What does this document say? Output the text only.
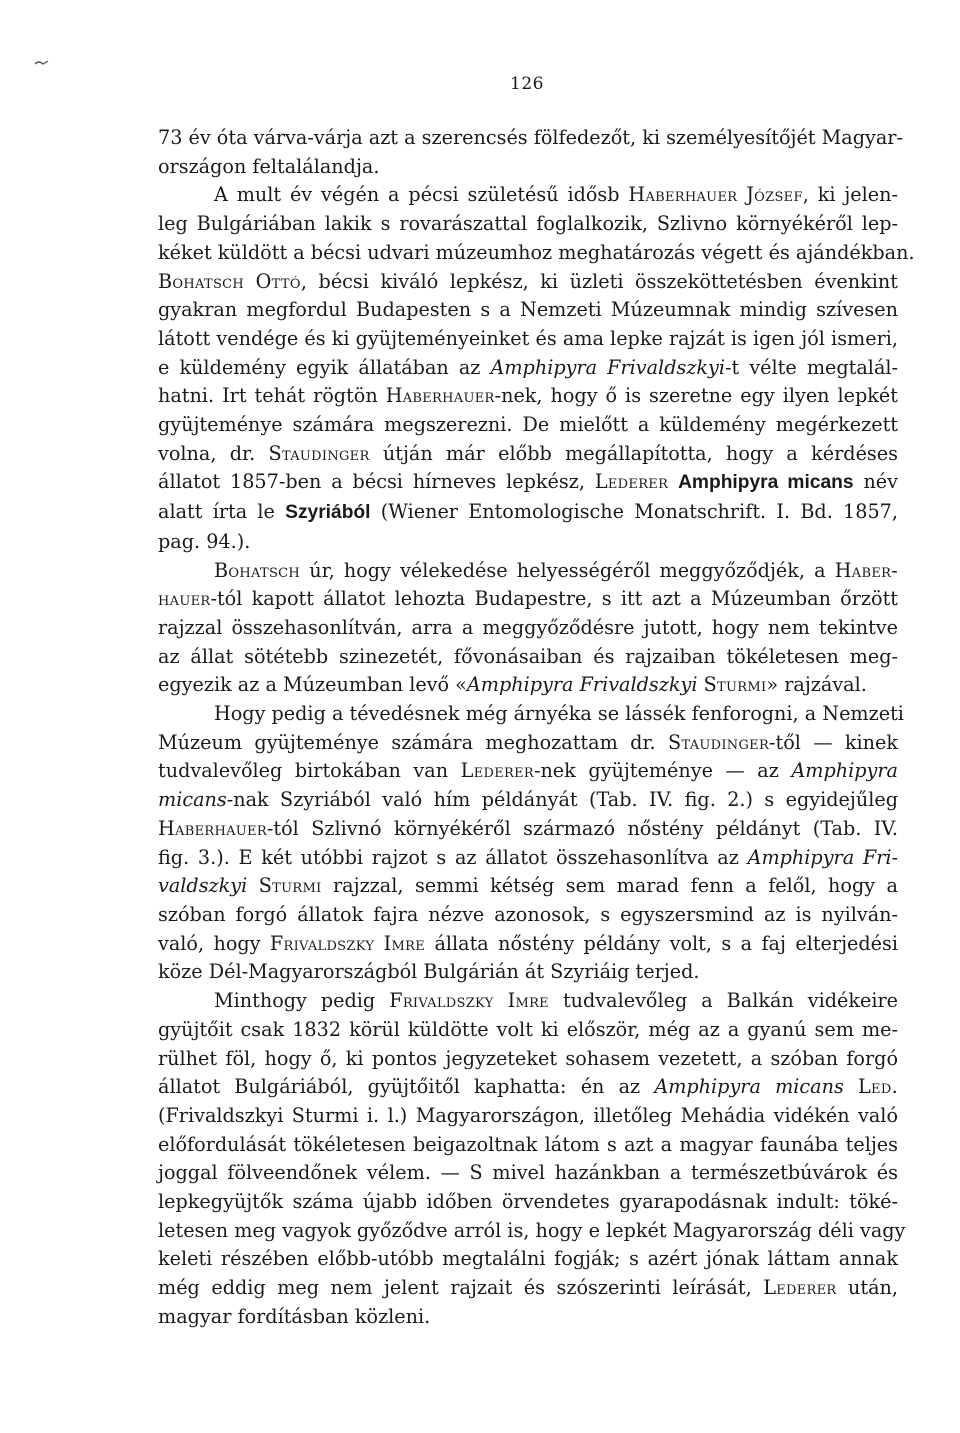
126
73 év óta várva-várja azt a szerencsés fölfedezőt, ki személyesítőjét Magyar-
országon feltalálandja.
A mult év végén a pécsi születésű idősb Haberhauer József, ki jelen-
leg Bulgáriában lakik s rovarászattal foglalkozik, Szlivno környékéről lep-
kéket küldött a bécsi udvari múzeumhoz meghatározás végett és ajándékban.
Bohatsch Ottó, bécsi kiváló lepkész, ki üzleti összeköttetésben évenkint
gyakran megfordul Budapesten s a Nemzeti Múzeumnak mindig szívesen
látott vendége és ki gyüjteményeinket és ama lepke rajzát is igen jól ismeri,
e küldemény egyik állatában az Amphipyra Frivaldszkyi-t vélte megtalál-
hatni. Irt tehát rögtön Haberhauer-nek, hogy ő is szeretne egy ilyen lepkét
gyüjteménye számára megszerezni. De mielőtt a küldemény megérkezett
volna, dr. Staudinger útján már előbb megállapította, hogy a kérdéses
állatot 1857-ben a bécsi hírneves lepkész, Lederer Amphipyra micans név
alatt írta le Szyriából (Wiener Entomologische Monatschrift. I. Bd. 1857,
pag. 94.).
Bohatsch úr, hogy vélekedése helyességéről meggyőződjék, a Haber-
hauer-tól kapott állatot lehozta Budapestre, s itt azt a Múzeumban őrzött
rajzzal összehasonlítván, arra a meggyőződésre jutott, hogy nem tekintve
az állat sötétebb szinezetét, fővonásaiban és rajzaiban tökéletesen meg-
egyezik az a Múzeumban levő «Amphipyra Frivaldszkyi Sturmi» rajzával.
Hogy pedig a tévedésnek még árnyéka se lássék fenforogni, a Nemzeti
Múzeum gyüjteménye számára meghozattam dr. Staudinger-től — kinek
tudvalevőleg birtokában van Lederer-nek gyüjteménye — az Amphipyra
micans-nak Szyriából való hím példányát (Tab. IV. fig. 2.) s egyidejűleg
Haberhauer-tól Szlivnó környékéről származó nőstény példányt (Tab. IV.
fig. 3.). E két utóbbi rajzot s az állatot összehasonlítva az Amphipyra Fri-
valdszkyi Sturmi rajzzal, semmi kétség sem marad fenn a felől, hogy a
szóban forgó állatok fajra nézve azonosok, s egyszersmind az is nyilván-
való, hogy Frivaldszky Imre állata nőstény példány volt, s a faj elterjedési
köze Dél-Magyarországból Bulgárián át Szyriáig terjed.
Minthogy pedig Frivaldszky Imre tudvalevőleg a Balkán vidékeire
gyüjtőit csak 1832 körül küldötte volt ki először, még az a gyanú sem me-
rülhet föl, hogy ő, ki pontos jegyzeteket sohasem vezetett, a szóban forgó
állatot Bulgáriából, gyüjtőitől kaphatta: én az Amphipyra micans Led.
(Frivaldszkyi Sturmi i. l.) Magyarországon, illetőleg Mehádia vidékén való
előfordulását tökéletesen beigazoltnak látom s azt a magyar faunába teljes
joggal fölveendőnek vélem. — S mivel hazánkban a természetbúvárok és
lepkegyüjtők száma újabb időben örvendetes gyarapodásnak indult: töké-
letesen meg vagyok győződve arról is, hogy e lepkét Magyarország déli vagy
keleti részében előbb-utóbb megtalálni fogják; s azért jónak láttam annak
még eddig meg nem jelent rajzait és szószerinti leírását, Lederer után,
magyar fordításban közleni.
